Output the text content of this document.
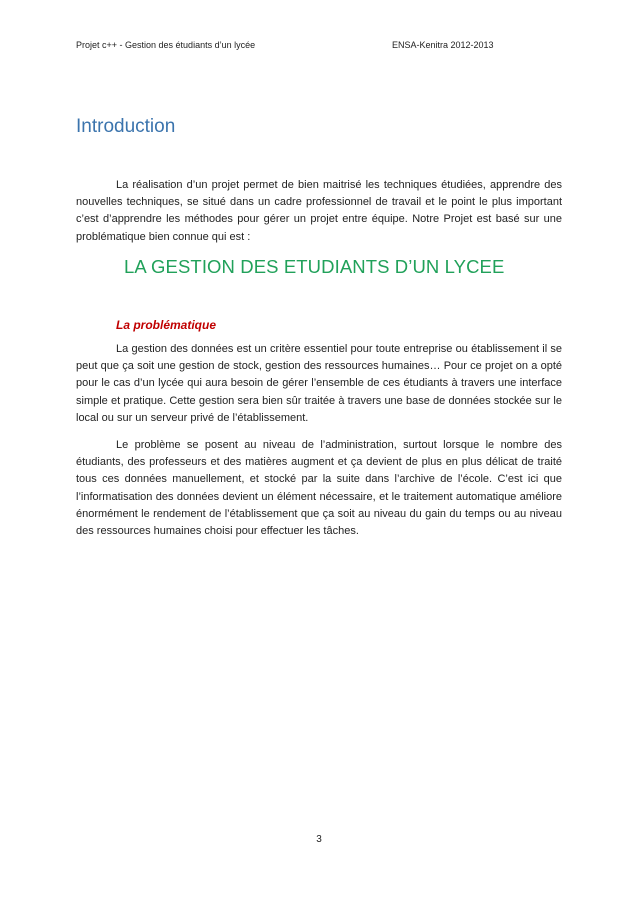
Projet c++ - Gestion des étudiants d’un lycée	ENSA-Kenitra 2012-2013
Introduction

La réalisation d’un projet permet de bien maitrisé les techniques étudiées, apprendre des nouvelles techniques, se situé dans un cadre professionnel de travail et le point le plus important c’est d’apprendre les méthodes pour gérer un projet entre équipe. Notre Projet est basé sur une problématique bien connue qui est :

LA GESTION DES ETUDIANTS D’UN LYCEE
La problématique

La gestion des données est un critère essentiel pour toute entreprise ou établissement il se peut que ça soit une gestion de stock, gestion des ressources humaines… Pour ce projet on a opté pour le cas d’un lycée qui aura besoin de gérer l’ensemble de ces étudiants à travers une interface simple et pratique. Cette gestion sera bien sûr traitée à travers une base de données stockée sur le local ou sur un serveur privé de l’établissement.

Le problème se posent au niveau de l’administration, surtout lorsque le nombre des étudiants, des professeurs et des matières augment et ça devient de plus en plus délicat de traité tous ces données manuellement, et stocké par la suite dans l’archive de l’école. C’est ici que l’informatisation des données devient un élément nécessaire, et le traitement automatique améliore énormément le rendement de l’établissement que ça soit au niveau du gain du temps ou au niveau des ressources humaines choisi pour effectuer les tâches.

3
